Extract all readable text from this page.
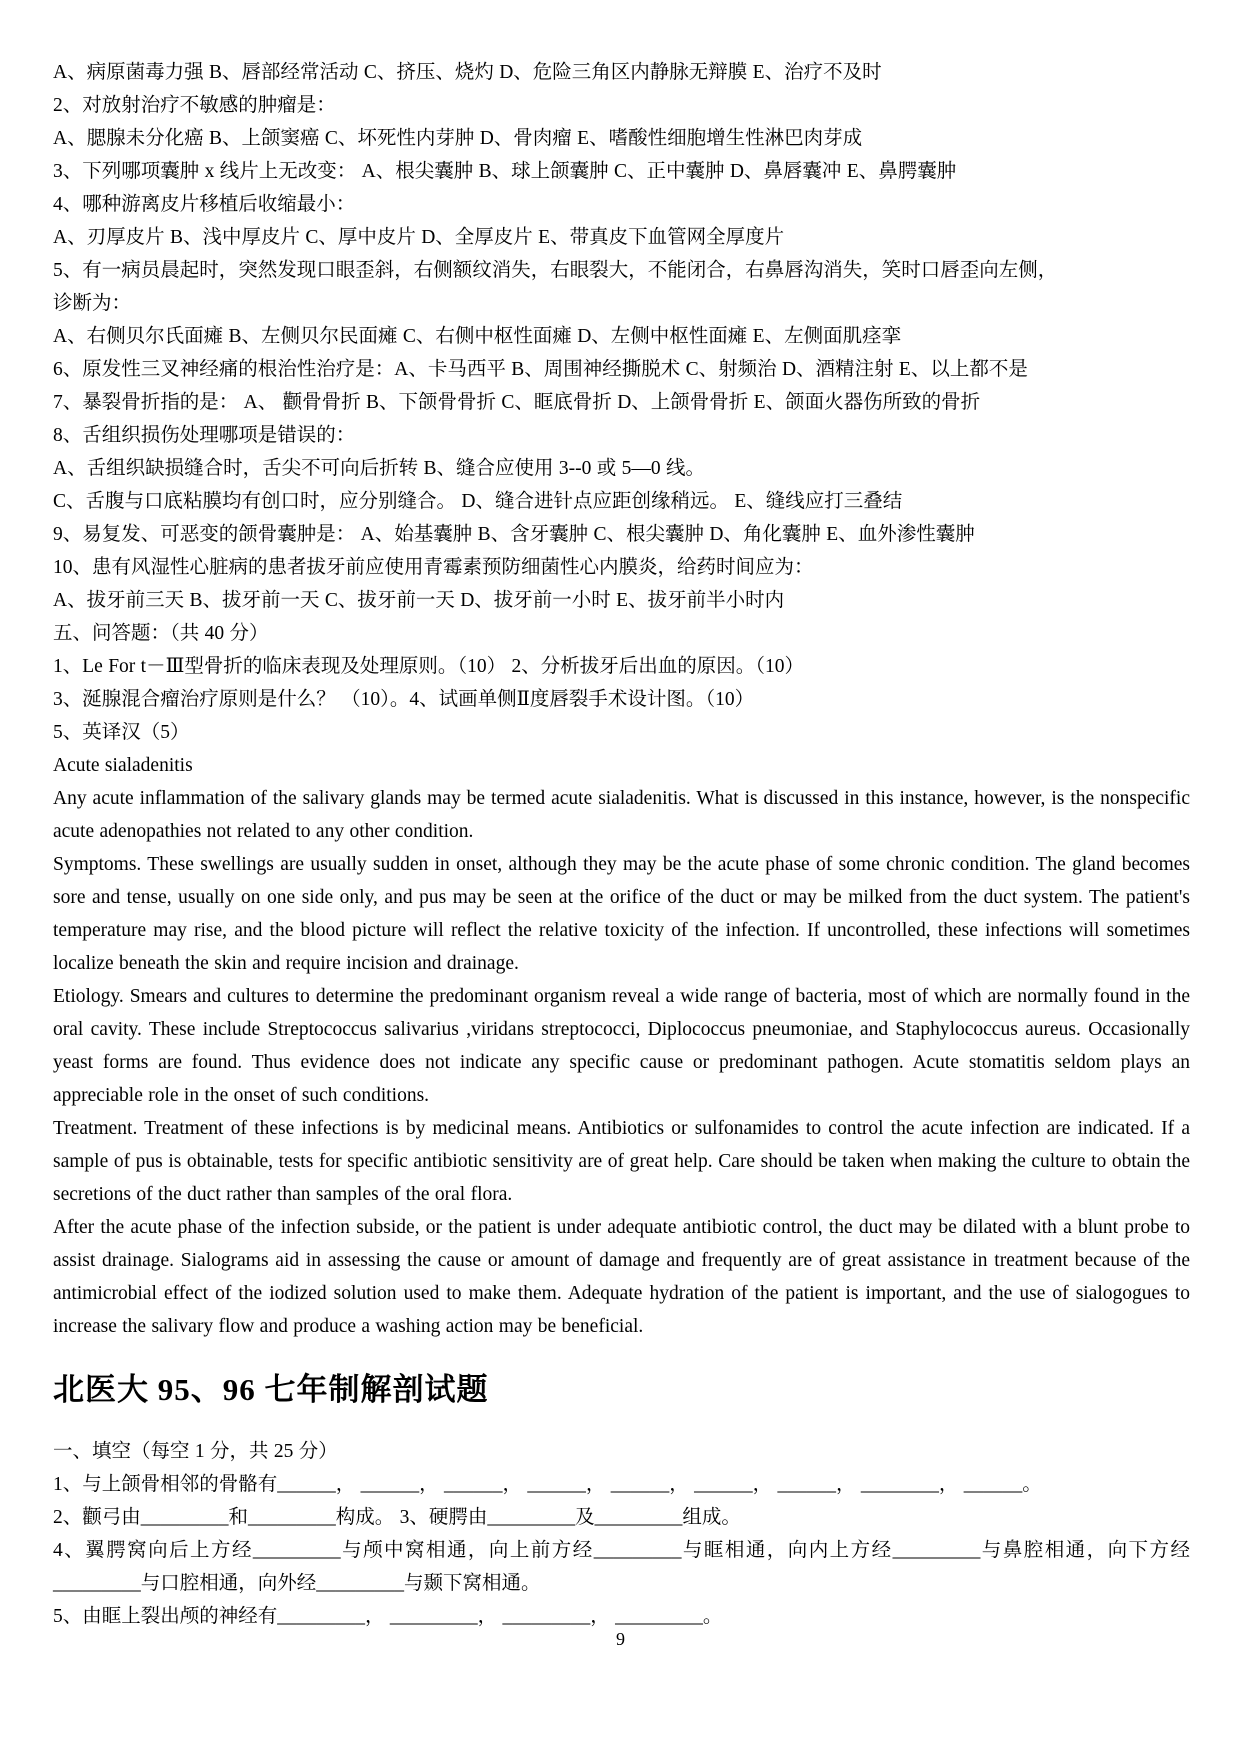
A、病原菌毒力强 B、唇部经常活动 C、挤压、烧灼 D、危险三角区内静脉无辩膜 E、治疗不及时

2、对放射治疗不敏感的肿瘤是：

A、腮腺未分化癌 B、上颌窦癌 C、坏死性内芽肿 D、骨肉瘤 E、嗜酸性细胞增生性淋巴肉芽成

3、下列哪项囊肿 x 线片上无改变： A、根尖囊肿 B、球上颌囊肿 C、正中囊肿 D、鼻唇囊冲 E、鼻腭囊肿

4、哪种游离皮片移植后收缩最小：

A、刃厚皮片 B、浅中厚皮片 C、厚中皮片 D、全厚皮片 E、带真皮下血管网全厚度片

5、有一病员晨起时，突然发现口眼歪斜，右侧额纹消失，右眼裂大，不能闭合，右鼻唇沟消失，笑时口唇歪向左侧，

诊断为：

A、右侧贝尔氏面瘫 B、左侧贝尔民面瘫 C、右侧中枢性面瘫 D、左侧中枢性面瘫 E、左侧面肌痉挛

6、原发性三叉神经痛的根治性治疗是：A、卡马西平 B、周围神经撕脱术 C、射频治 D、酒精注射 E、以上都不是

7、暴裂骨折指的是： A、 颧骨骨折 B、下颌骨骨折 C、眶底骨折 D、上颌骨骨折 E、颌面火器伤所致的骨折

8、舌组织损伤处理哪项是错误的：

A、舌组织缺损缝合时，舌尖不可向后折转 B、缝合应使用 3--0 或 5—0 线。

C、舌腹与口底粘膜均有创口时，应分别缝合。 D、缝合进针点应距创缘稍远。 E、缝线应打三叠结

9、易复发、可恶变的颌骨囊肿是： A、始基囊肿 B、含牙囊肿 C、根尖囊肿 D、角化囊肿 E、血外渗性囊肿

10、患有风湿性心脏病的患者拔牙前应使用青霉素预防细菌性心内膜炎，给药时间应为：

A、拔牙前三天 B、拔牙前一天 C、拔牙前一天 D、拔牙前一小时 E、拔牙前半小时内

五、问答题：（共 40 分）

1、Le For t－Ⅲ型骨折的临床表现及处理原则。（10） 2、分析拔牙后出血的原因。（10）

3、涎腺混合瘤治疗原则是什么？ （10）。4、试画单侧Ⅱ度唇裂手术设计图。（10）

5、英译汉（5）

Acute sialadenitis

Any acute inflammation of the salivary glands may be termed acute sialadenitis. What is discussed in this instance, however, is the nonspecific acute adenopathies not related to any other condition.

Symptoms. These swellings are usually sudden in onset, although they may be the acute phase of some chronic condition. The gland becomes sore and tense, usually on one side only, and pus may be seen at the orifice of the duct or may be milked from the duct system. The patient's temperature may rise, and the blood picture will reflect the relative toxicity of the infection. If uncontrolled, these infections will sometimes localize beneath the skin and require incision and drainage.

Etiology. Smears and cultures to determine the predominant organism reveal a wide range of bacteria, most of which are normally found in the oral cavity. These include Streptococcus salivarius ,viridans streptococci, Diplococcus pneumoniae, and Staphylococcus aureus. Occasionally yeast forms are found. Thus evidence does not indicate any specific cause or predominant pathogen. Acute stomatitis seldom plays an appreciable role in the onset of such conditions.

Treatment. Treatment of these infections is by medicinal means. Antibiotics or sulfonamides to control the acute infection are indicated. If a sample of pus is obtainable, tests for specific antibiotic sensitivity are of great help. Care should be taken when making the culture to obtain the secretions of the duct rather than samples of the oral flora.

After the acute phase of the infection subside, or the patient is under adequate antibiotic control, the duct may be dilated with a blunt probe to assist drainage. Sialograms aid in assessing the cause or amount of damage and frequently are of great assistance in treatment because of the antimicrobial effect of the iodized solution used to make them. Adequate hydration of the patient is important, and the use of sialogogues to increase the salivary flow and produce a washing action may be beneficial.

北医大 95、96 七年制解剖试题

一、填空（每空 1 分，共 25 分）

1、与上颌骨相邻的骨骼有______， ______， ______， ______， ______， ______， ______， ________， ______。

2、颧弓由_________和_________构成。 3、硬腭由_________及_________组成。

4、翼腭窝向后上方经_________与颅中窝相通，向上前方经_________与眶相通，向内上方经_________与鼻腔相通，向下方经_________与口腔相通，向外经_________与颞下窝相通。

5、由眶上裂出颅的神经有_________， _________， _________， _________。

9
